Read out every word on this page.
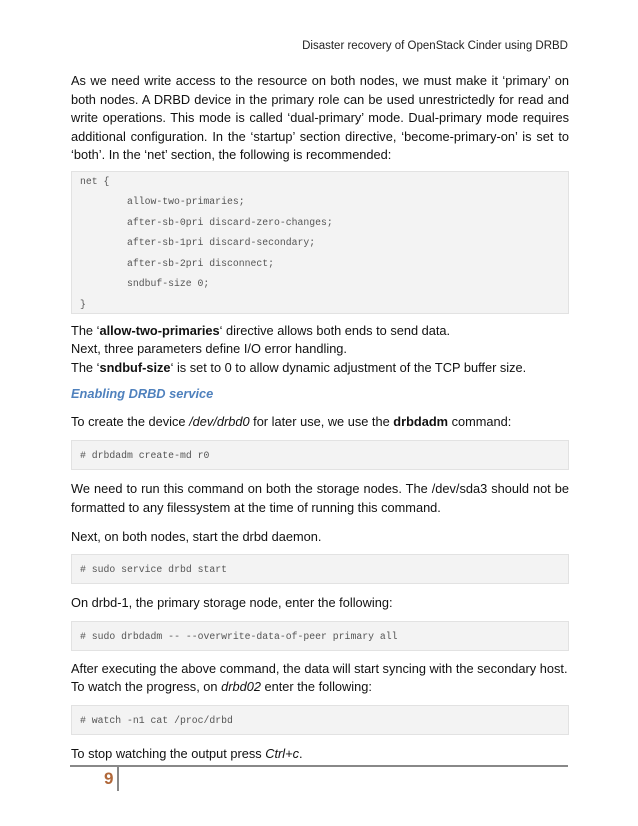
Disaster recovery of OpenStack Cinder using DRBD

As we need write access to the resource on both nodes, we must make it ‘primary’ on both nodes. A DRBD device in the primary role can be used unrestrictedly for read and write operations. This mode is called ‘dual-primary’ mode. Dual-primary mode requires additional configuration. In the ‘startup’ section directive, ‘become-primary-on’ is set to ‘both’. In the ‘net’ section, the following is recommended:

net {
allow-two-primaries;
after-sb-0pri discard-zero-changes;
after-sb-1pri discard-secondary;
after-sb-2pri disconnect;
sndbuf-size 0;
}

The ‘allow-two-primaries‘ directive allows both ends to send data.

Next, three parameters define I/O error handling.

The ‘sndbuf-size‘ is set to 0 to allow dynamic adjustment of the TCP buffer size.

Enabling DRBD service

To create the device /dev/drbd0 for later use, we use the drbdadm command:

# drbdadm create-md r0

We need to run this command on both the storage nodes. The /dev/sda3 should not be formatted to any filessystem at the time of running this command.

Next, on both nodes, start the drbd daemon.

# sudo service drbd start

On drbd-1, the primary storage node, enter the following:

# sudo drbdadm -- --overwrite-data-of-peer primary all

After executing the above command, the data will start syncing with the secondary host.

To watch the progress, on drbd02 enter the following:

# watch -n1 cat /proc/drbd

To stop watching the output press Ctrl+c.

9
